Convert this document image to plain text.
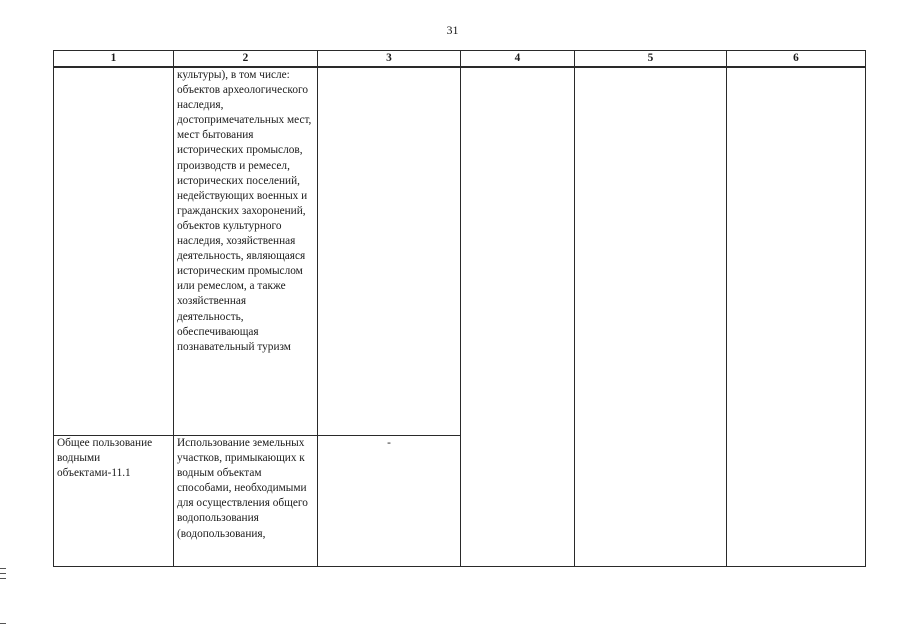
31
1	2	3	4	5	6
	культуры), в том числе: объектов археологического наследия, достопримечательных мест, мест бытования исторических промыслов, производств и ремесел, исторических поселений, недействующих военных и гражданских захоронений, объектов культурного наследия, хозяйственная деятельность, являющаяся историческим промыслом или ремеслом, а также хозяйственная деятельность, обеспечивающая познавательный туризм				
Общее пользование водными объектами-11.1	Использование земельных участков, примыкающих к водным объектам способами, необходимыми для осуществления общего водопользования (водопользования,	-			
